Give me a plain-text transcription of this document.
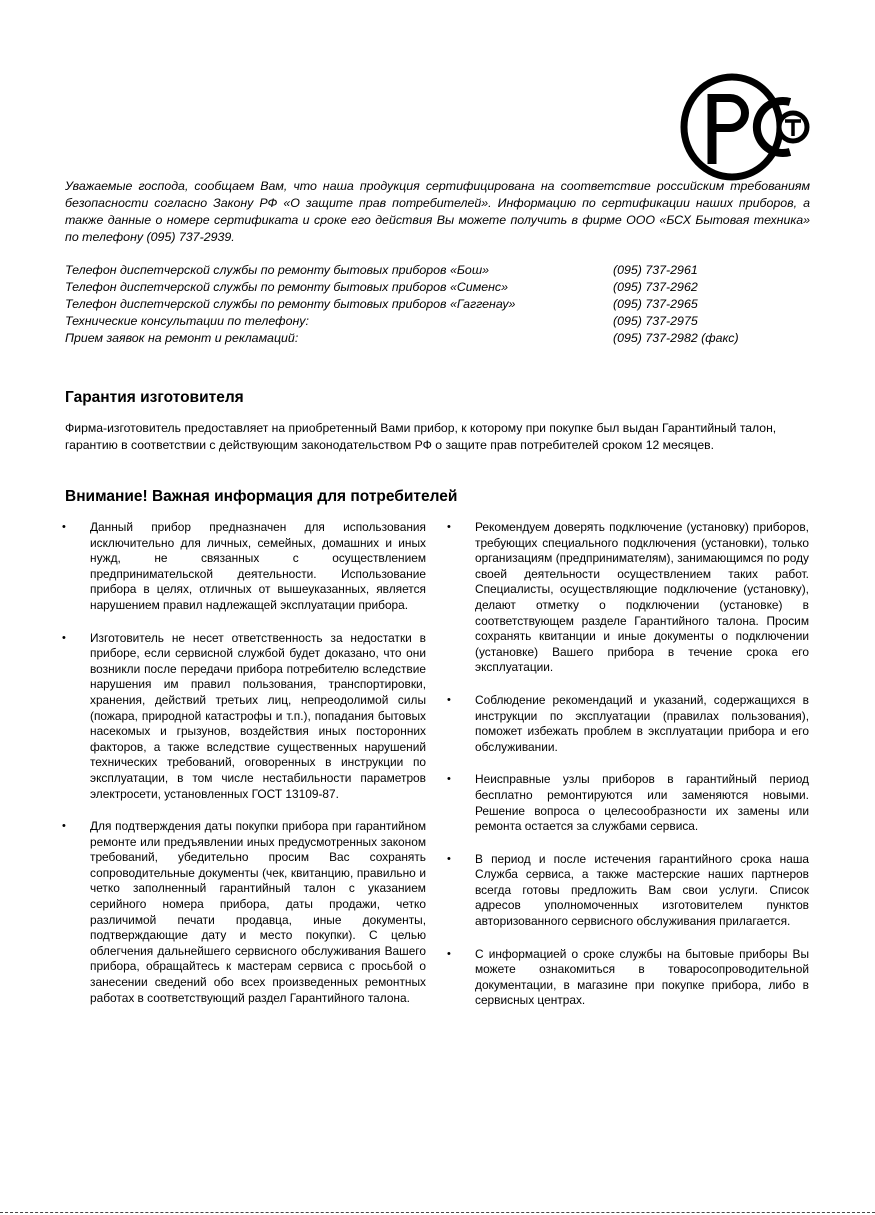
Уважаемые господа, сообщаем Вам, что наша продукция сертифицирована на соответствие российским требованиям безопасности согласно Закону РФ «О защите прав потребителей». Информацию по сертификации наших приборов, а также данные о номере сертификата и сроке его действия Вы можете получить в фирме ООО «БСХ Бытовая техника» по телефону (095) 737-2939.
Телефон диспетчерской службы по ремонту бытовых приборов «Бош»	(095) 737-2961
Телефон диспетчерской службы по ремонту бытовых приборов «Сименс»	(095) 737-2962
Телефон диспетчерской службы по ремонту бытовых приборов «Гаггенау»	(095) 737-2965
Технические консультации по телефону:	(095) 737-2975
Прием заявок на ремонт и рекламаций:	(095) 737-2982 (факс)
Гарантия изготовителя
Фирма-изготовитель предоставляет на приобретенный Вами прибор, к которому при покупке был выдан Гарантийный талон, гарантию в соответствии с действующим законодательством РФ о защите прав потребителей сроком 12 месяцев.
Внимание! Важная информация для потребителей
• Данный прибор предназначен для использования исключительно для личных, семейных, домашних и иных нужд, не связанных с осуществлением предпринимательской деятельности. Использование прибора в целях, отличных от вышеуказанных, является нарушением правил надлежащей эксплуатации прибора.
• Изготовитель не несет ответственность за недостатки в приборе, если сервисной службой будет доказано, что они возникли после передачи прибора потребителю вследствие нарушения им правил пользования, транспортировки, хранения, действий третьих лиц, непреодолимой силы (пожара, природной катастрофы и т.п.), попадания бытовых насекомых и грызунов, воздействия иных посторонних факторов, а также вследствие существенных нарушений технических требований, оговоренных в инструкции по эксплуатации, в том числе нестабильности параметров электросети, установленных ГОСТ 13109-87.
• Для подтверждения даты покупки прибора при гарантийном ремонте или предъявлении иных предусмотренных законом требований, убедительно просим Вас сохранять сопроводительные документы (чек, квитанцию, правильно и четко заполненный гарантийный талон с указанием серийного номера прибора, даты продажи, четко различимой печати продавца, иные документы, подтверждающие дату и место покупки). С целью облегчения дальнейшего сервисного обслуживания Вашего прибора, обращайтесь к мастерам сервиса с просьбой о занесении сведений обо всех произведенных ремонтных работах в соответствующий раздел Гарантийного талона.
• Рекомендуем доверять подключение (установку) приборов, требующих специального подключения (установки), только организациям (предпринимателям), занимающимся по роду своей деятельности осуществлением таких работ. Специалисты, осуществляющие подключение (установку), делают отметку о подключении (установке) в соответствующем разделе Гарантийного талона. Просим сохранять квитанции и иные документы о подключении (установке) Вашего прибора в течение срока его эксплуатации.
• Соблюдение рекомендаций и указаний, содержащихся в инструкции по эксплуатации (правилах пользования), поможет избежать проблем в эксплуатации прибора и его обслуживании.
• Неисправные узлы приборов в гарантийный период бесплатно ремонтируются или заменяются новыми. Решение вопроса о целесообразности их замены или ремонта остается за службами сервиса.
• В период и после истечения гарантийного срока наша Служба сервиса, а также мастерские наших партнеров всегда готовы предложить Вам свои услуги. Список адресов уполномоченных изготовителем пунктов авторизованного сервисного обслуживания прилагается.
• С информацией о сроке службы на бытовые приборы Вы можете ознакомиться в товаросопроводительной документации, в магазине при покупке прибора, либо в сервисных центрах.
